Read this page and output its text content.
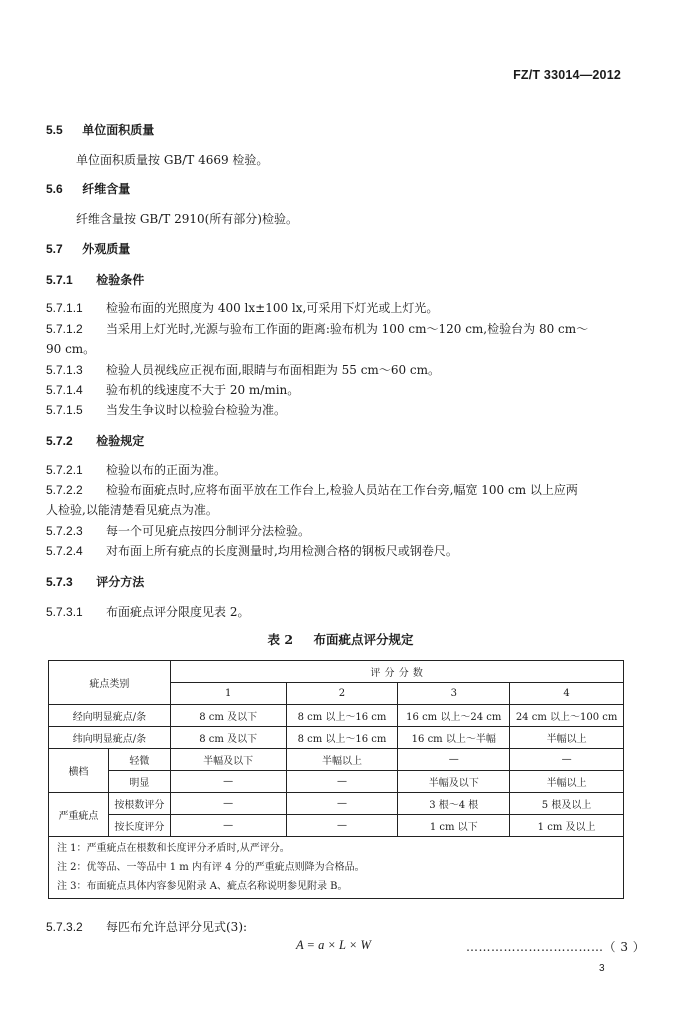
FZ/T 33014—2012
5.5 单位面积质量
单位面积质量按 GB/T 4669 检验。
5.6 纤维含量
纤维含量按 GB/T 2910(所有部分)检验。
5.7 外观质量
5.7.1 检验条件
5.7.1.1 检验布面的光照度为 400 lx±100 lx,可采用下灯光或上灯光。
5.7.1.2 当采用上灯光时,光源与验布工作面的距离:验布机为 100 cm～120 cm,检验台为 80 cm～
90 cm。
5.7.1.3 检验人员视线应正视布面,眼睛与布面相距为 55 cm～60 cm。
5.7.1.4 验布机的线速度不大于 20 m/min。
5.7.1.5 当发生争议时以检验台检验为准。
5.7.2 检验规定
5.7.2.1 检验以布的正面为准。
5.7.2.2 检验布面疵点时,应将布面平放在工作台上,检验人员站在工作台旁,幅宽 100 cm 以上应两
人检验,以能清楚看见疵点为准。
5.7.2.3 每一个可见疵点按四分制评分法检验。
5.7.2.4 对布面上所有疵点的长度测量时,均用检测合格的钢板尺或钢卷尺。
5.7.3 评分方法
5.7.3.1 布面疵点评分限度见表 2。
表 2 布面疵点评分规定
疵点类别		评 分 分 数			
		1	2	3	4
经向明显疵点/条		8 cm 及以下	8 cm 以上～16 cm	16 cm 以上～24 cm	24 cm 以上～100 cm
纬向明显疵点/条		8 cm 及以下	8 cm 以上～16 cm	16 cm 以上～半幅	半幅以上
横档	轻微	半幅及以下	半幅以上	—	—
	明显	—	—	半幅及以下	半幅以上
严重疵点	按根数评分	—	—	3 根～4 根	5 根及以上
	按长度评分	—	—	1 cm 以下	1 cm 及以上

注 1：严重疵点在根数和长度评分矛盾时,从严评分。
注 2：优等品、一等品中 1 m 内有评 4 分的严重疵点则降为合格品。
注 3：布面疵点具体内容参见附录 A、疵点名称说明参见附录 B。					
5.7.3.2 每匹布允许总评分见式(3):
A = a × L × W	……………………………（ 3 ）
3
